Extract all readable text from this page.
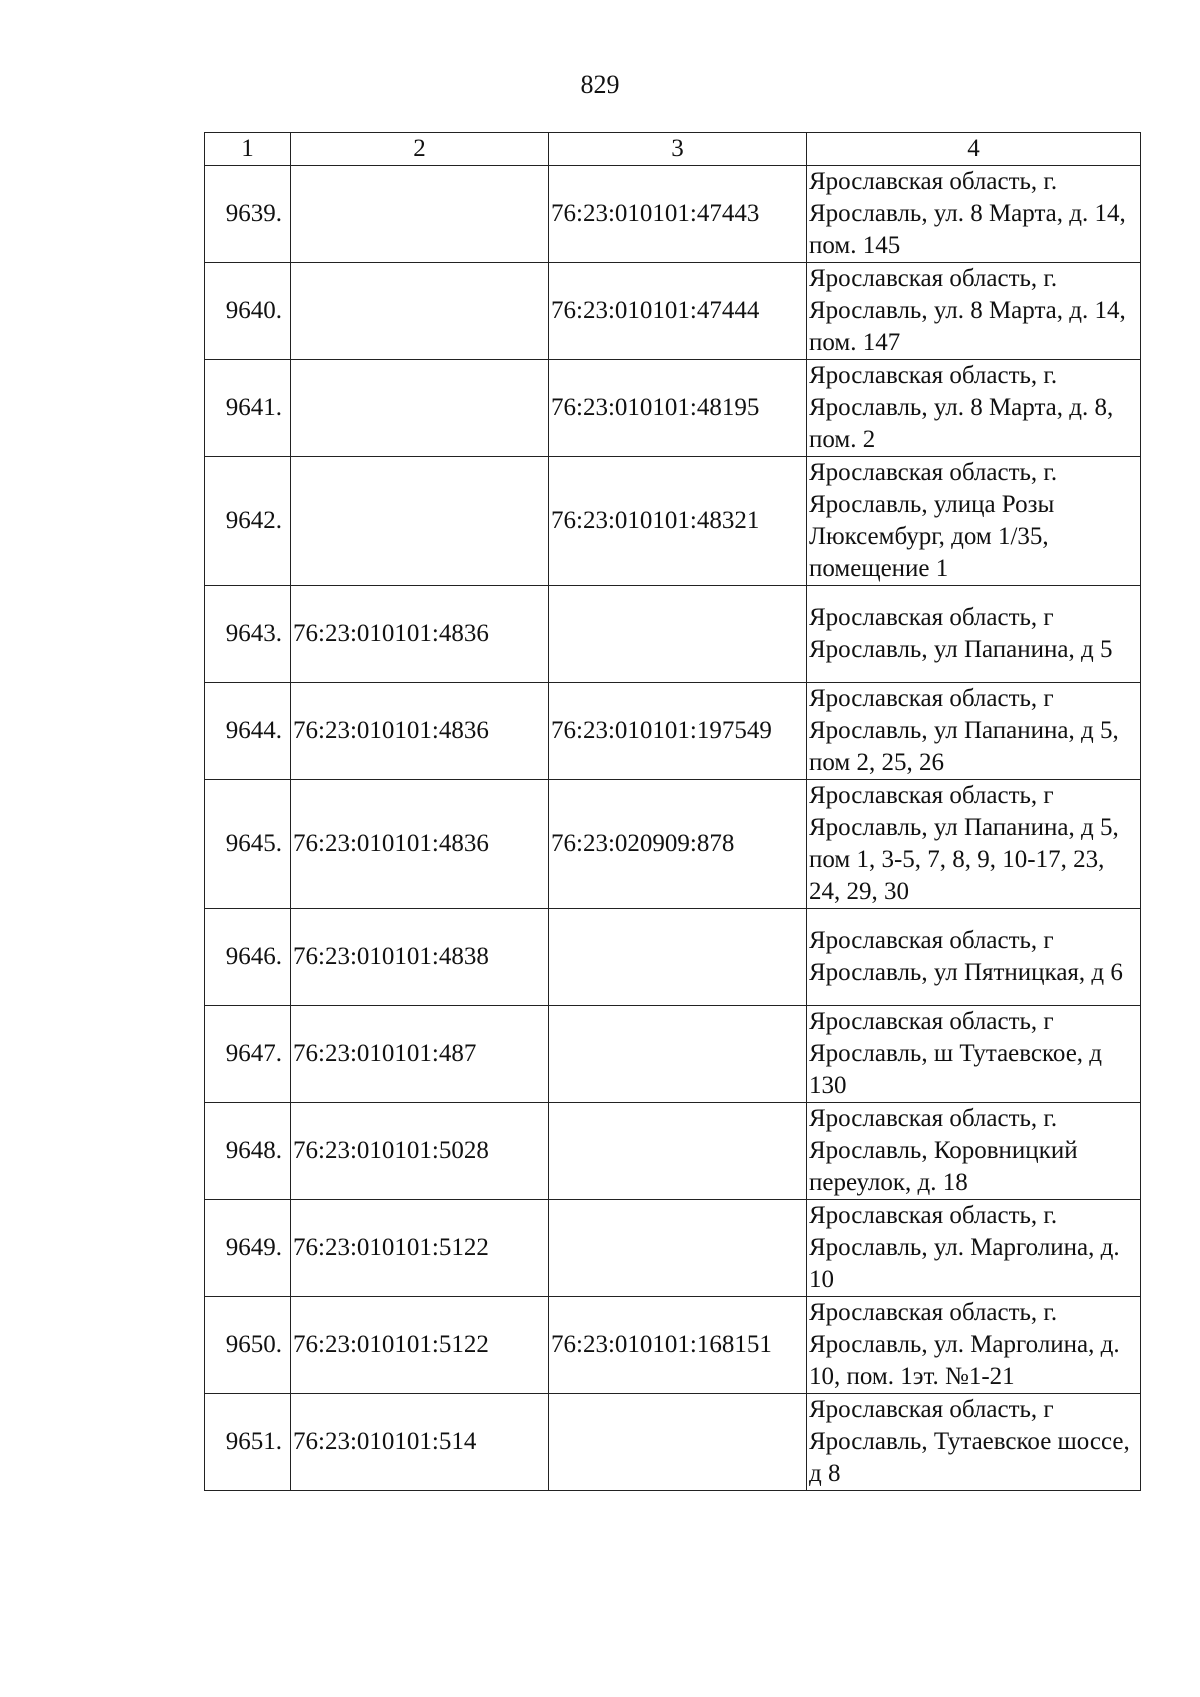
829
1	2	3	4
9639.		76:23:010101:47443	Ярославская область, г. Ярославль, ул. 8 Марта, д. 14, пом. 145
9640.		76:23:010101:47444	Ярославская область, г. Ярославль, ул. 8 Марта, д. 14, пом. 147
9641.		76:23:010101:48195	Ярославская область, г. Ярославль, ул. 8 Марта, д. 8, пом. 2
9642.		76:23:010101:48321	Ярославская область, г. Ярославль, улица Розы Люксембург, дом 1/35, помещение 1
9643.	76:23:010101:4836		Ярославская область, г Ярославль, ул Папанина, д 5
9644.	76:23:010101:4836	76:23:010101:197549	Ярославская область, г Ярославль, ул Папанина, д 5, пом 2, 25, 26
9645.	76:23:010101:4836	76:23:020909:878	Ярославская область, г Ярославль, ул Папанина, д 5, пом 1, 3-5, 7, 8, 9, 10-17, 23, 24, 29, 30
9646.	76:23:010101:4838		Ярославская область, г Ярославль, ул Пятницкая, д 6
9647.	76:23:010101:487		Ярославская область, г Ярославль, ш Тутаевское, д 130
9648.	76:23:010101:5028		Ярославская область, г. Ярославль, Коровницкий переулок, д. 18
9649.	76:23:010101:5122		Ярославская область, г. Ярославль, ул. Марголина, д. 10
9650.	76:23:010101:5122	76:23:010101:168151	Ярославская область, г. Ярославль, ул. Марголина, д. 10, пом. 1эт. №1-21
9651.	76:23:010101:514		Ярославская область, г Ярославль, Тутаевское шоссе, д 8
